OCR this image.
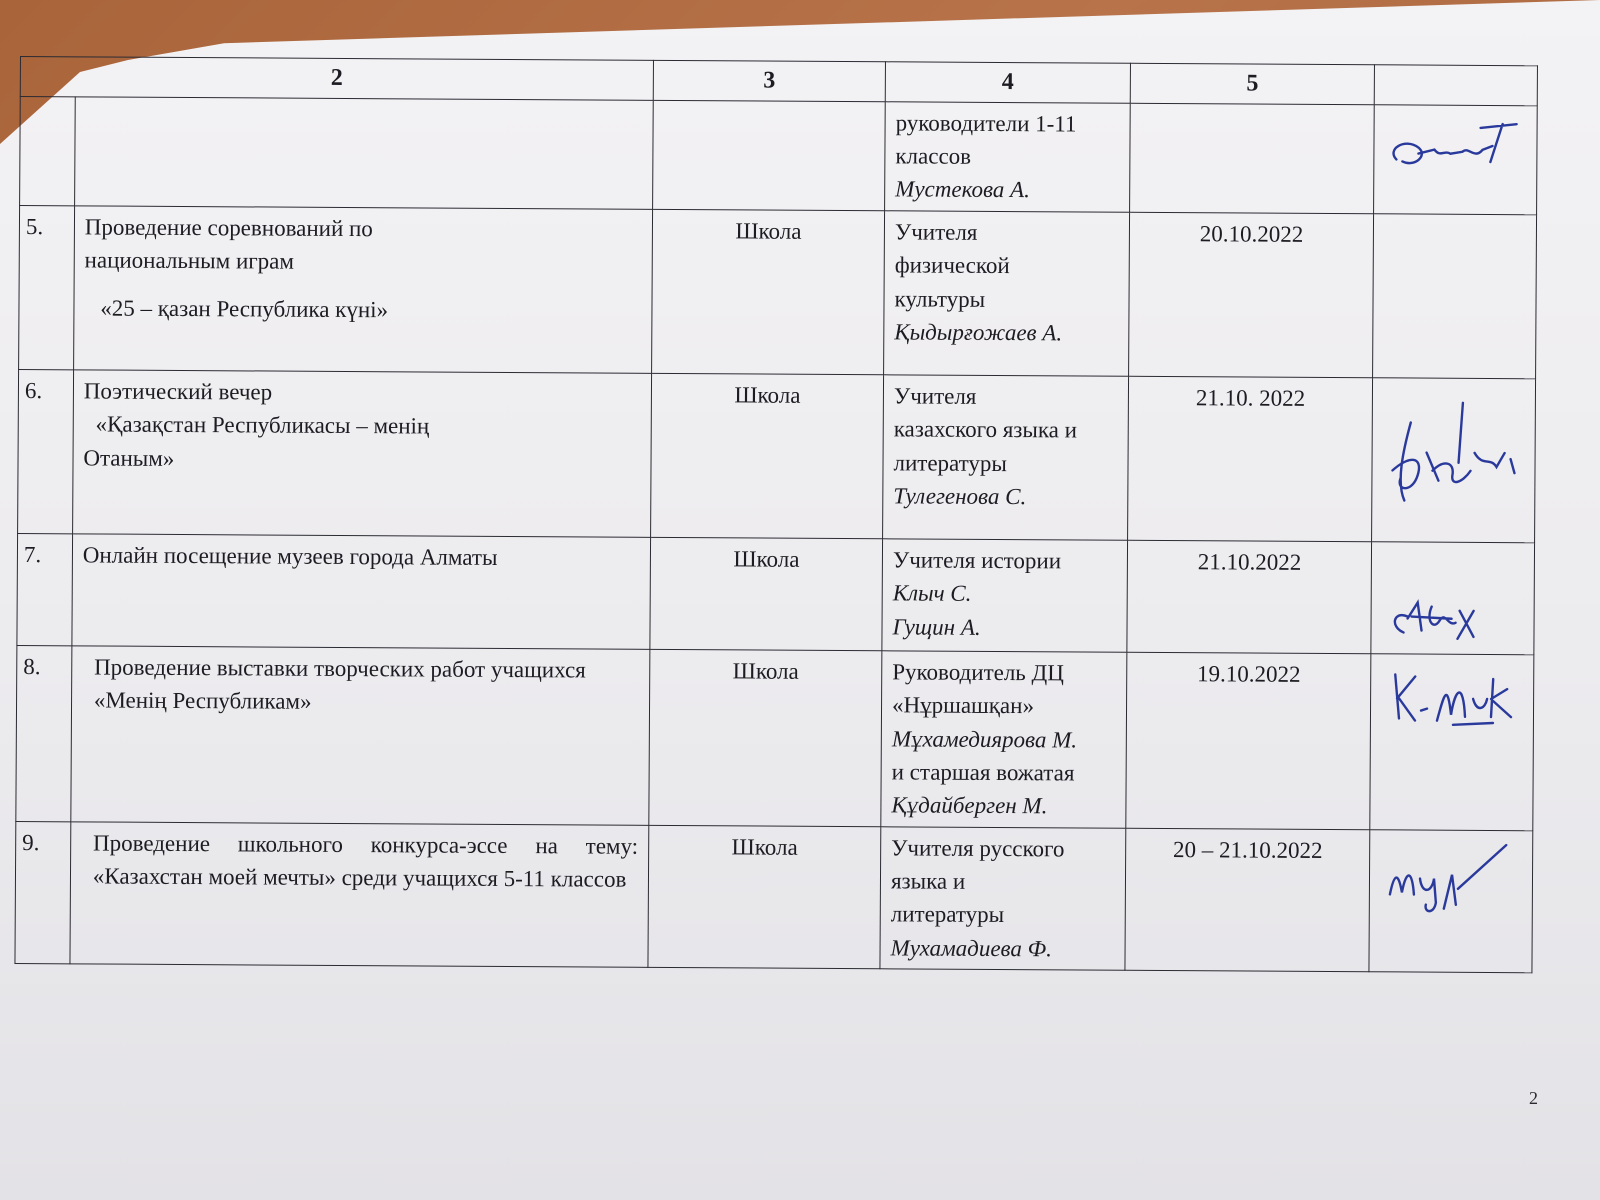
2		3	4	5	

			руководители 1-11
классов
Мустекова А.

5.	Проведение соревнований по
национальным играм
«25 – қазан Республика күні»	Школа	Учителя
физической
культуры
Қыдырғожаев А.	20.10.2022	
6.	Поэтический вечер
«Қазақстан Республикасы – менің
Отаным»	Школа	Учителя
казахского языка и
литературы
Тулегенова С.	21.10. 2022	

7.	Онлайн посещение музеев города Алматы	Школа	Учителя истории
Клыч С.
Гущин А.	21.10.2022	

8.	Проведение выставки творческих работ учащихся
«Менің Республикам»	Школа	Руководитель ДЦ
«Нұршашқан»
Мұхамедиярова М.
и старшая вожатая
Құдайберген М.	19.10.2022	

9.	Проведение школьного конкурса-эссе на тему: «Казахстан моей мечты» среди учащихся 5-11 классов	Школа	Учителя русского
языка и
литературы
Мухамадиева Ф.	20 – 21.10.2022	
2
